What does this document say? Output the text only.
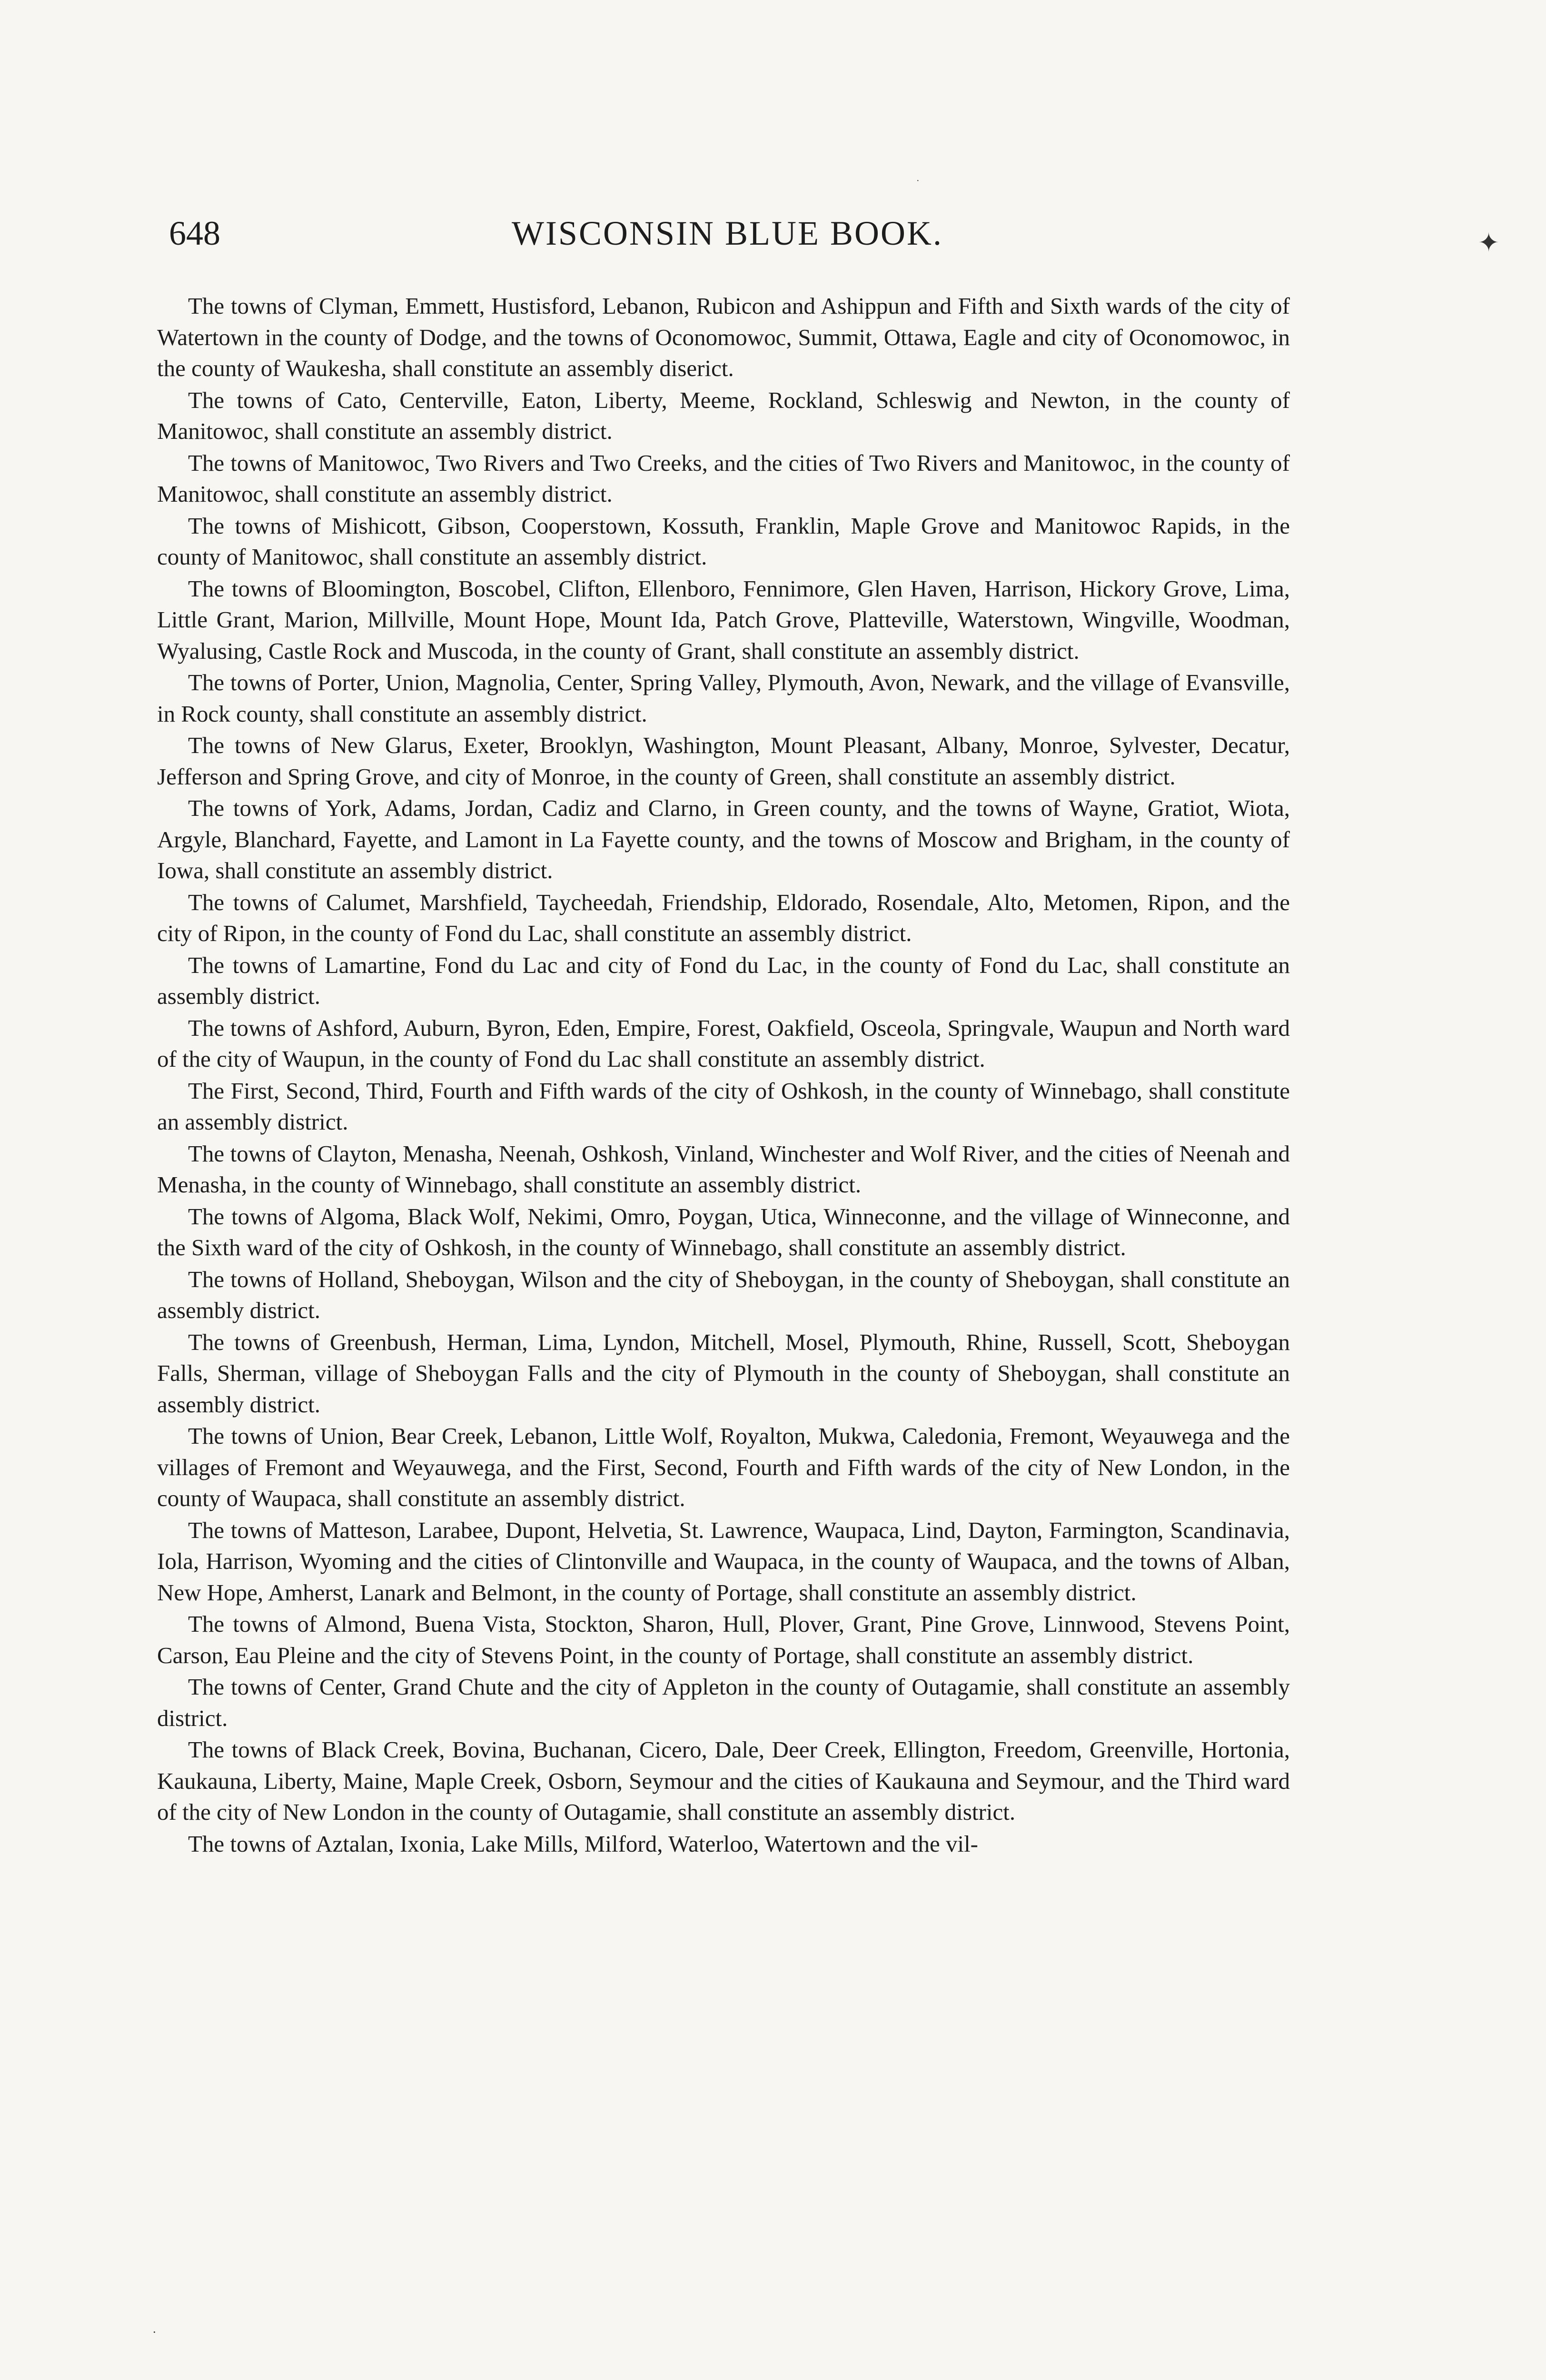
648	WISCONSIN BLUE BOOK.	✦
·
·

The towns of Clyman, Emmett, Hustisford, Lebanon, Rubicon and Ashippun and Fifth and Sixth wards of the city of Watertown in the county of Dodge, and the towns of Oconomowoc, Summit, Ottawa, Eagle and city of Oconomowoc, in the county of Waukesha, shall constitute an assembly diserict.

The towns of Cato, Centerville, Eaton, Liberty, Meeme, Rockland, Schleswig and Newton, in the county of Manitowoc, shall constitute an assembly district.

The towns of Manitowoc, Two Rivers and Two Creeks, and the cities of Two Rivers and Manitowoc, in the county of Manitowoc, shall constitute an assembly district.

The towns of Mishicott, Gibson, Cooperstown, Kossuth, Franklin, Maple Grove and Manitowoc Rapids, in the county of Manitowoc, shall constitute an assembly district.

The towns of Bloomington, Boscobel, Clifton, Ellenboro, Fennimore, Glen Haven, Harrison, Hickory Grove, Lima, Little Grant, Marion, Millville, Mount Hope, Mount Ida, Patch Grove, Platteville, Waterstown, Wingville, Woodman, Wyalusing, Castle Rock and Muscoda, in the county of Grant, shall constitute an assembly district.

The towns of Porter, Union, Magnolia, Center, Spring Valley, Plymouth, Avon, Newark, and the village of Evansville, in Rock county, shall constitute an assembly district.

The towns of New Glarus, Exeter, Brooklyn, Washington, Mount Pleasant, Albany, Monroe, Sylvester, Decatur, Jefferson and Spring Grove, and city of Monroe, in the county of Green, shall constitute an assembly district.

The towns of York, Adams, Jordan, Cadiz and Clarno, in Green county, and the towns of Wayne, Gratiot, Wiota, Argyle, Blanchard, Fayette, and Lamont in La Fayette county, and the towns of Moscow and Brigham, in the county of Iowa, shall constitute an assembly district.

The towns of Calumet, Marshfield, Taycheedah, Friendship, Eldorado, Rosendale, Alto, Metomen, Ripon, and the city of Ripon, in the county of Fond du Lac, shall constitute an assembly district.

The towns of Lamartine, Fond du Lac and city of Fond du Lac, in the county of Fond du Lac, shall constitute an assembly district.

The towns of Ashford, Auburn, Byron, Eden, Empire, Forest, Oakfield, Osceola, Springvale, Waupun and North ward of the city of Waupun, in the county of Fond du Lac shall constitute an assembly district.

The First, Second, Third, Fourth and Fifth wards of the city of Oshkosh, in the county of Winnebago, shall constitute an assembly district.

The towns of Clayton, Menasha, Neenah, Oshkosh, Vinland, Winchester and Wolf River, and the cities of Neenah and Menasha, in the county of Winnebago, shall constitute an assembly district.

The towns of Algoma, Black Wolf, Nekimi, Omro, Poygan, Utica, Winneconne, and the village of Winneconne, and the Sixth ward of the city of Oshkosh, in the county of Winnebago, shall constitute an assembly district.

The towns of Holland, Sheboygan, Wilson and the city of Sheboygan, in the county of Sheboygan, shall constitute an assembly district.

The towns of Greenbush, Herman, Lima, Lyndon, Mitchell, Mosel, Plymouth, Rhine, Russell, Scott, Sheboygan Falls, Sherman, village of Sheboygan Falls and the city of Plymouth in the county of Sheboygan, shall constitute an assembly district.

The towns of Union, Bear Creek, Lebanon, Little Wolf, Royalton, Mukwa, Caledonia, Fremont, Weyauwega and the villages of Fremont and Weyauwega, and the First, Second, Fourth and Fifth wards of the city of New London, in the county of Waupaca, shall constitute an assembly district.

The towns of Matteson, Larabee, Dupont, Helvetia, St. Lawrence, Waupaca, Lind, Dayton, Farmington, Scandinavia, Iola, Harrison, Wyoming and the cities of Clintonville and Waupaca, in the county of Waupaca, and the towns of Alban, New Hope, Amherst, Lanark and Belmont, in the county of Portage, shall constitute an assembly district.

The towns of Almond, Buena Vista, Stockton, Sharon, Hull, Plover, Grant, Pine Grove, Linnwood, Stevens Point, Carson, Eau Pleine and the city of Stevens Point, in the county of Portage, shall constitute an assembly district.

The towns of Center, Grand Chute and the city of Appleton in the county of Outagamie, shall constitute an assembly district.

The towns of Black Creek, Bovina, Buchanan, Cicero, Dale, Deer Creek, Ellington, Freedom, Greenville, Hortonia, Kaukauna, Liberty, Maine, Maple Creek, Osborn, Seymour and the cities of Kaukauna and Seymour, and the Third ward of the city of New London in the county of Outagamie, shall constitute an assembly district.

The towns of Aztalan, Ixonia, Lake Mills, Milford, Waterloo, Watertown and the vil-
